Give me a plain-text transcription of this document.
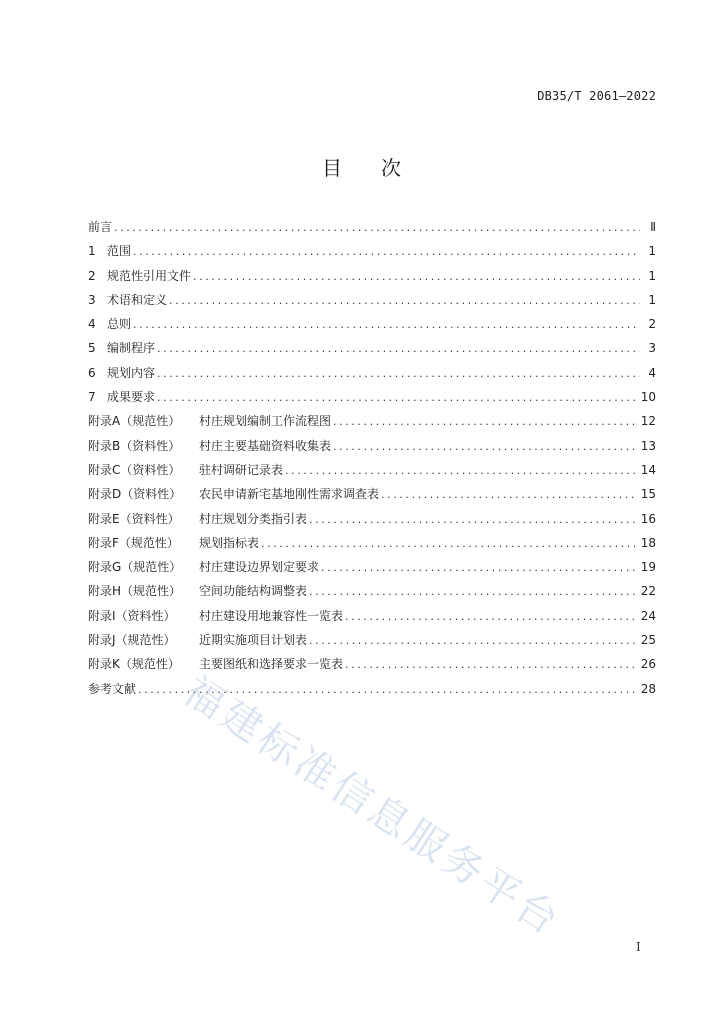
DB35/T 2061—2022
目 次
前言 .....	Ⅱ
1 范围 .....	1
2 规范性引用文件 .....	1
3 术语和定义 .....	1
4 总则 .....	2
5 编制程序 .....	3
6 规划内容 .....	4
7 成果要求 .....	10
附录A（规范性）	村庄规划编制工作流程图 .....	12
附录B（资料性）	村庄主要基础资料收集表 .....	13
附录C（资料性）	驻村调研记录表 .....	14
附录D（资料性）	农民申请新宅基地刚性需求调查表 .....	15
附录E（资料性）	村庄规划分类指引表 .....	16
附录F（规范性）	规划指标表 .....	18
附录G（规范性）	村庄建设边界划定要求 .....	19
附录H（规范性）	空间功能结构调整表 .....	22
附录I（资料性）	村庄建设用地兼容性一览表 .....	24
附录J（规范性）	近期实施项目计划表 .....	25
附录K（规范性）	主要图纸和选择要求一览表 .....	26
参考文献 .....	28
福建标准信息服务平台
I
